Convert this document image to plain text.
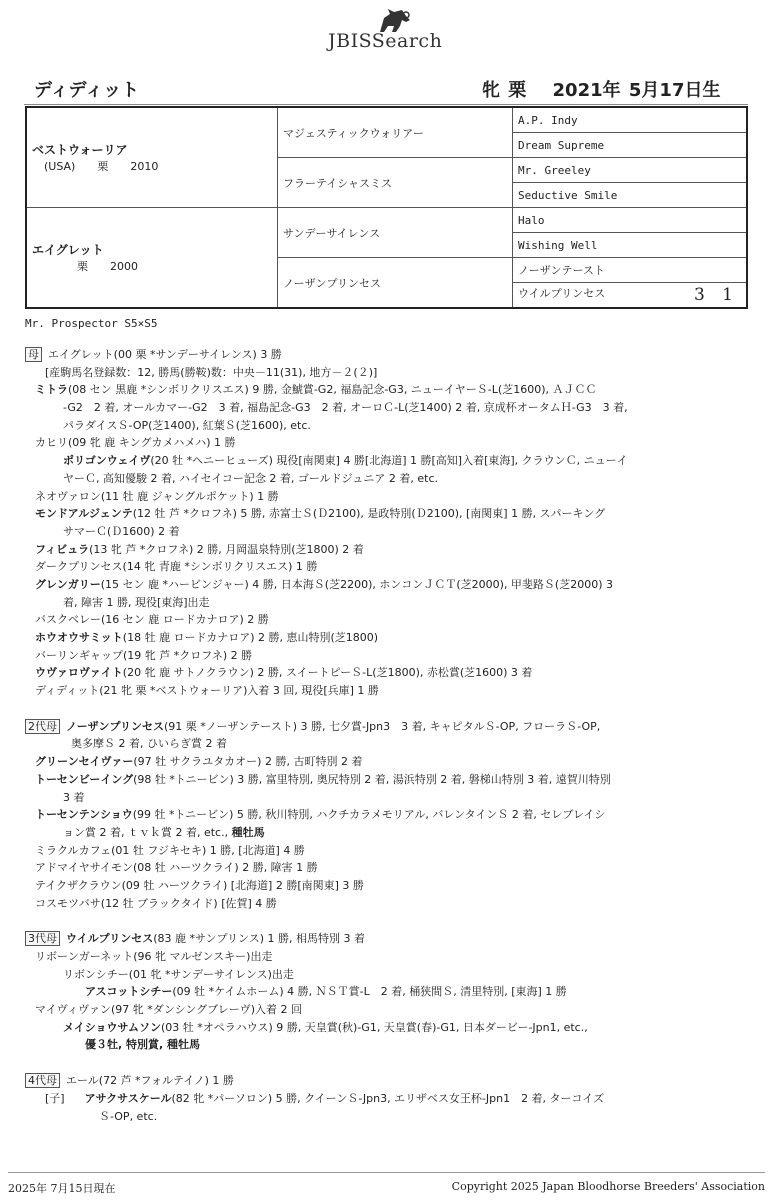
JBISSearch
ディディット	牝 栗　 2021年 5月17日生
ベストウォーリア
(USA)　　栗　　2010	マジェスティックウォリアー	A.P. Indy
		Dream Supreme
	フラーテイシャスミス	Mr. Greeley
		Seductive Smile

エイグレット
　　　栗　　2000	サンデーサイレンス	Halo
		Wishing Well
	ノーザンプリンセス	ノーザンテースト
		ウイルプリンセス 3 1
Mr. Prospector S5×S5
母 エイグレット(00 栗 *サンデーサイレンス) 3 勝
[産駒馬名登録数：12, 勝馬(勝鞍)数：中央－11(31), 地方－２(２)]
ミトラ(08 セン 黒鹿 *シンボリクリスエス) 9 勝, 金鯱賞-G2, 福島記念-G3, ニューイヤーＳ-L(芝1600), ＡＪＣＣ
-G2　2 着, オールカマー-G2　3 着, 福島記念-G3　2 着, オーロＣ-L(芝1400) 2 着, 京成杯オータムＨ-G3　3 着,
パラダイスＳ-OP(芝1400), 紅葉Ｓ(芝1600), etc.
カヒリ(09 牝 鹿 キングカメハメハ) 1 勝
ポリゴンウェイヴ(20 牡 *ヘニーヒューズ) 現役[南関東] 4 勝[北海道] 1 勝[高知]入着[東海], クラウンＣ, ニューイ
ヤーＣ, 高知優駿 2 着, ハイセイコー記念 2 着, ゴールドジュニア 2 着, etc.
ネオヴァロン(11 牡 鹿 ジャングルポケット) 1 勝
モンドアルジェンテ(12 牡 芦 *クロフネ) 5 勝, 赤富士Ｓ(Ｄ2100), 是政特別(Ｄ2100), [南関東] 1 勝, スパーキング
サマーＣ(Ｄ1600) 2 着
フィビュラ(13 牝 芦 *クロフネ) 2 勝, 月岡温泉特別(芝1800) 2 着
ダークプリンセス(14 牝 青鹿 *シンボリクリスエス) 1 勝
グレンガリー(15 セン 鹿 *ハービンジャー) 4 勝, 日本海Ｓ(芝2200), ホンコンＪＣＴ(芝2000), 甲斐路Ｓ(芝2000) 3
着, 障害 1 勝, 現役[東海]出走
バスクベレー(16 セン 鹿 ロードカナロア) 2 勝
ホウオウサミット(18 牡 鹿 ロードカナロア) 2 勝, 恵山特別(芝1800)
バーリンギャップ(19 牝 芦 *クロフネ) 2 勝
ウヴァロヴァイト(20 牝 鹿 サトノクラウン) 2 勝, スイートピーＳ-L(芝1800), 赤松賞(芝1600) 3 着
ディディット(21 牝 栗 *ベストウォーリア)入着 3 回, 現役[兵庫] 1 勝
2代母 ノーザンプリンセス(91 栗 *ノーザンテースト) 3 勝, 七夕賞-Jpn3　3 着, キャピタルＳ-OP, フローラＳ-OP,
奥多摩Ｓ 2 着, ひいらぎ賞 2 着
グリーンセイヴァー(97 牡 サクラユタカオー) 2 勝, 古町特別 2 着
トーセンビーイング(98 牡 *トニービン) 3 勝, 富里特別, 奥尻特別 2 着, 湯浜特別 2 着, 磐梯山特別 3 着, 遠賀川特別
3 着
トーセンテンショウ(99 牡 *トニービン) 5 勝, 秋川特別, ハクチカラメモリアル, バレンタインＳ 2 着, セレブレイシ
ョン賞 2 着, ｔｖｋ賞 2 着, etc., 種牡馬
ミラクルカフェ(01 牡 フジキセキ) 1 勝, [北海道] 4 勝
アドマイヤサイモン(08 牡 ハーツクライ) 2 勝, 障害 1 勝
テイクザクラウン(09 牡 ハーツクライ) [北海道] 2 勝[南関東] 3 勝
コスモツバサ(12 牡 ブラックタイド) [佐賀] 4 勝
3代母 ウイルプリンセス(83 鹿 *サンプリンス) 1 勝, 相馬特別 3 着
リボーンガーネット(96 牝 マルゼンスキー)出走
リボンシチー(01 牝 *サンデーサイレンス)出走
アスコットシチー(09 牡 *ケイムホーム) 4 勝, ＮＳＴ賞-L　2 着, 桶狭間Ｓ, 清里特別, [東海] 1 勝
マイヴィヴァン(97 牝 *ダンシングブレーヴ)入着 2 回
メイショウサムソン(03 牡 *オペラハウス) 9 勝, 天皇賞(秋)-G1, 天皇賞(春)-G1, 日本ダービー-Jpn1, etc.,
優３牡, 特別賞, 種牡馬
4代母 エール(72 芦 *フォルテイノ) 1 勝
[子] アサクサスケール(82 牝 *パーソロン) 5 勝, クイーンＳ-Jpn3, エリザベス女王杯-Jpn1　2 着, ターコイズ
Ｓ-OP, etc.
2025年 7月15日現在	Copyright 2025 Japan Bloodhorse Breeders' Association
